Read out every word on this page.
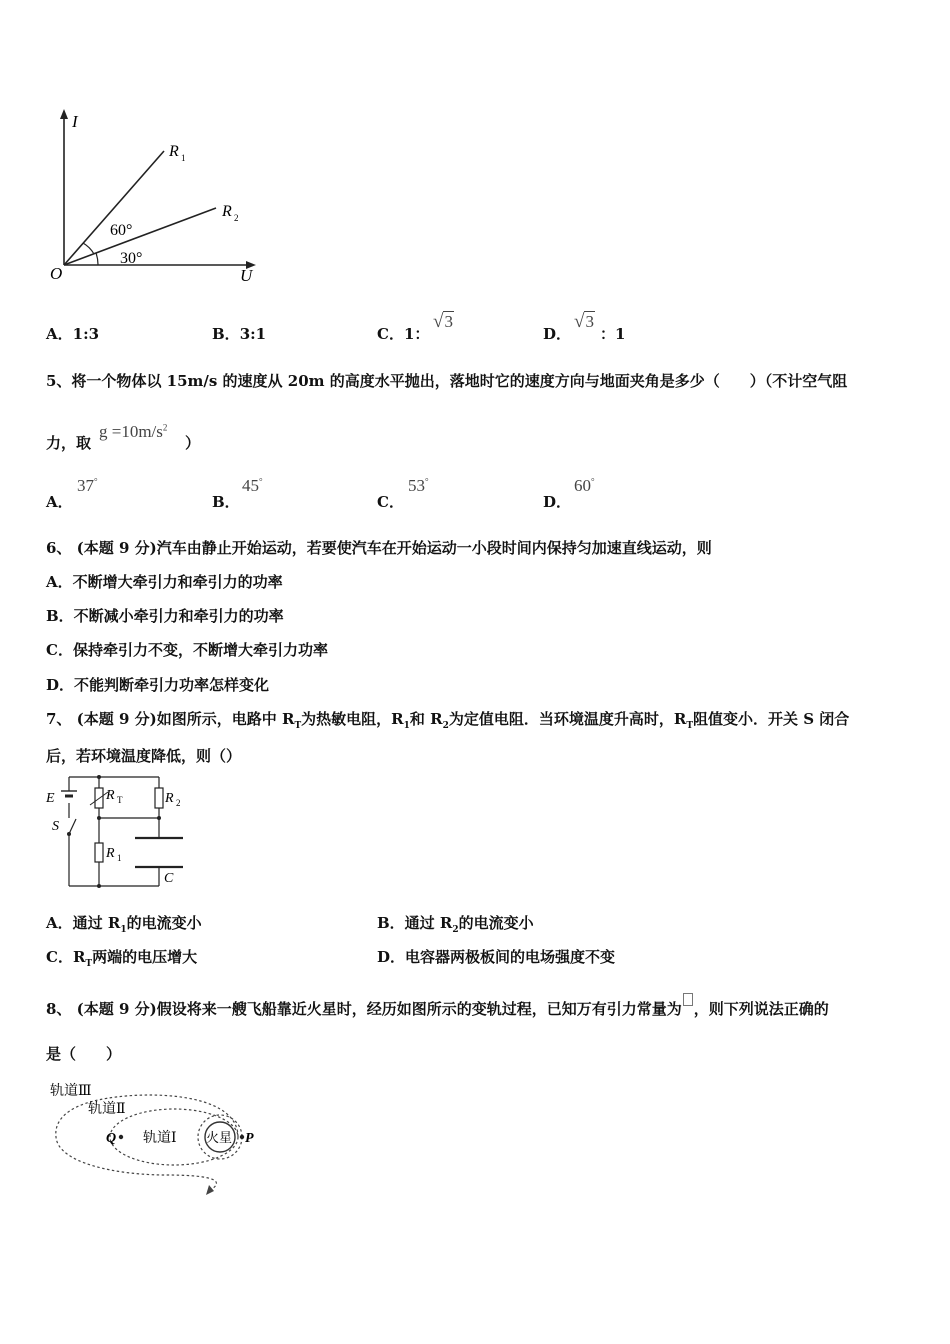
I
U
O
R 1
R 2
60°
30°
A．1:3	B．3:1	C．1：
√3
D．
√3
：1
5、将一个物体以 15m/s 的速度从 20m 的高度水平抛出，落地时它的速度方向与地面夹角是多少（　　）（不计空气阻
力，取
$g =10m/s^2$
）
A．
37°
B．
45°
C．
53°
D．
60°
6、 (本题 9 分)汽车由静止开始运动，若要使汽车在开始运动一小段时间内保持匀加速直线运动，则
A．不断增大牵引力和牵引力的功率
B．不断减小牵引力和牵引力的功率
C．保持牵引力不变，不断增大牵引力功率
D．不能判断牵引力功率怎样变化
7、 (本题 9 分)如图所示，电路中 $R_T$为热敏电阻，$R_1$和 $R_2$为定值电阻．当环境温度升高时，$R_T$阻值变小．开关 S 闭合
后，若环境温度降低，则（）
E
S
R T
R 1
R 2
C
A．通过 $R_1$的电流变小	B．通过 $R_2$的电流变小
C．$R_T$两端的电压增大	D．电容器两极板间的电场强度不变
8、 (本题 9 分)假设将来一艘飞船靠近火星时，经历如图所示的变轨过程，已知万有引力常量为 ，则下列说法正确的
是（　　）
轨道Ⅲ
轨道Ⅱ
轨道Ⅰ 火星
Q	P
